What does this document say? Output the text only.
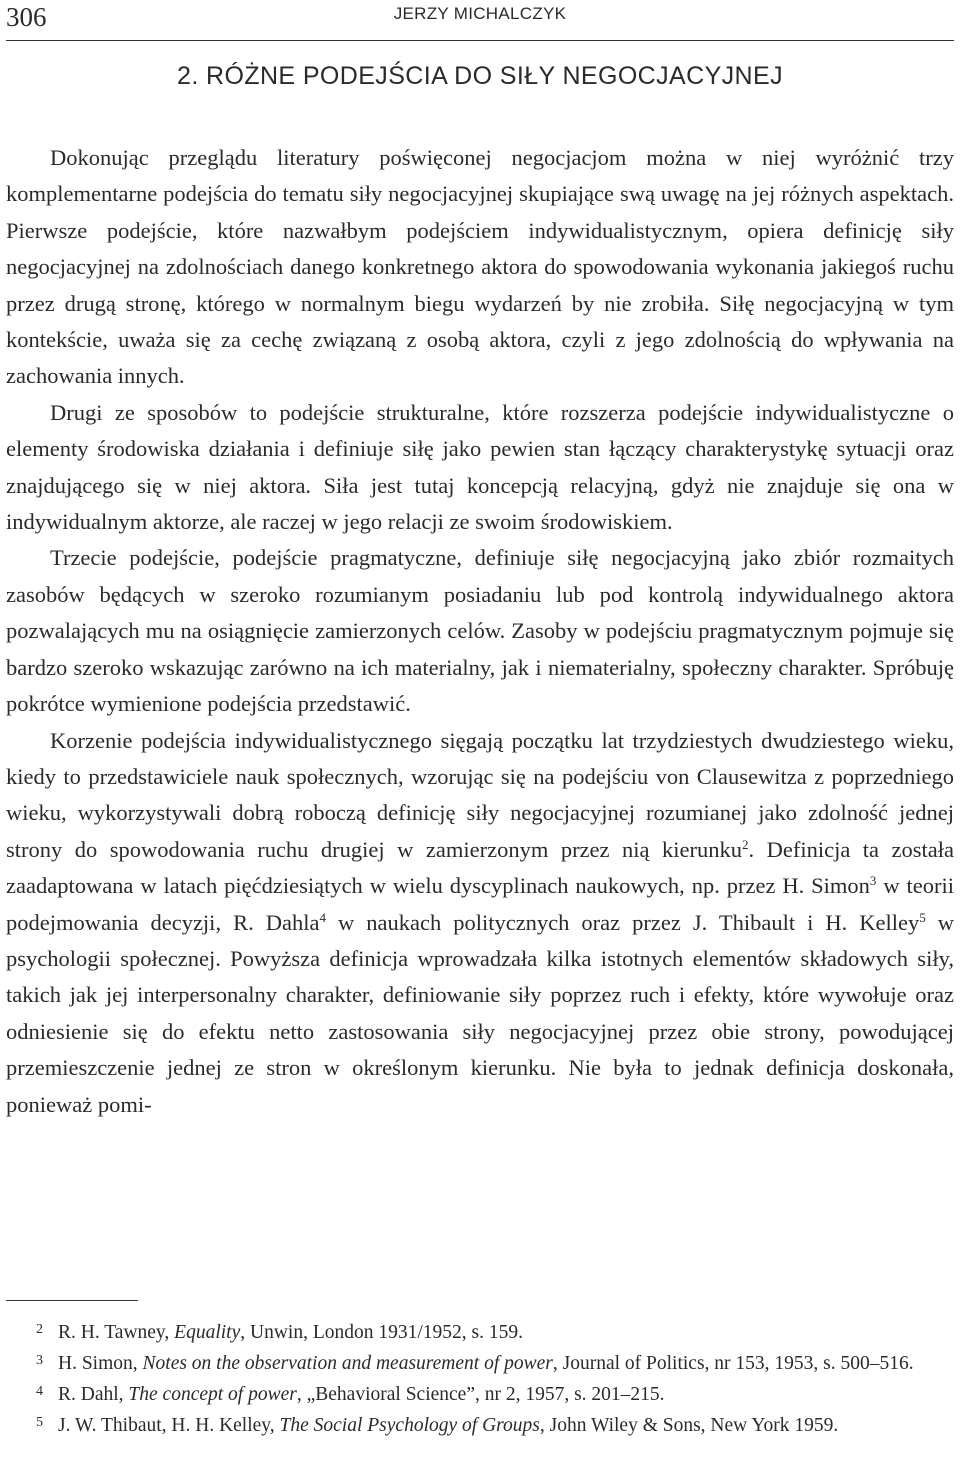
306	JERZY MICHALCZYK
2. RÓŻNE PODEJŚCIA DO SIŁY NEGOCJACYJNEJ

Dokonując przeglądu literatury poświęconej negocjacjom można w niej wyróżnić trzy komplementarne podejścia do tematu siły negocjacyjnej skupiające swą uwagę na jej różnych aspektach. Pierwsze podejście, które nazwałbym podejściem indywidualistycznym, opiera definicję siły negocjacyjnej na zdolnościach danego konkretnego aktora do spowodowania wykonania jakiegoś ruchu przez drugą stronę, którego w normalnym biegu wydarzeń by nie zrobiła. Siłę negocjacyjną w tym kontekście, uważa się za cechę związaną z osobą aktora, czyli z jego zdolnością do wpływania na zachowania innych.

Drugi ze sposobów to podejście strukturalne, które rozszerza podejście indywidualistyczne o elementy środowiska działania i definiuje siłę jako pewien stan łączący charakterystykę sytuacji oraz znajdującego się w niej aktora. Siła jest tutaj koncepcją relacyjną, gdyż nie znajduje się ona w indywidualnym aktorze, ale raczej w jego relacji ze swoim środowiskiem.

Trzecie podejście, podejście pragmatyczne, definiuje siłę negocjacyjną jako zbiór rozmaitych zasobów będących w szeroko rozumianym posiadaniu lub pod kontrolą indywidualnego aktora pozwalających mu na osiągnięcie zamierzonych celów. Zasoby w podejściu pragmatycznym pojmuje się bardzo szeroko wskazując zarówno na ich materialny, jak i niematerialny, społeczny charakter. Spróbuję pokrótce wymienione podejścia przedstawić.

Korzenie podejścia indywidualistycznego sięgają początku lat trzydziestych dwudziestego wieku, kiedy to przedstawiciele nauk społecznych, wzorując się na podejściu von Clausewitza z poprzedniego wieku, wykorzystywali dobrą roboczą definicję siły negocjacyjnej rozumianej jako zdolność jednej strony do spowodowania ruchu drugiej w zamierzonym przez nią kierunku$^2$. Definicja ta została zaadaptowana w latach pięćdziesiątych w wielu dyscyplinach naukowych, np. przez H. Simon$^3$ w teorii podejmowania decyzji, R. Dahla$^4$ w naukach politycznych oraz przez J. Thibault i H. Kelley$^5$ w psychologii społecznej. Powyższa definicja wprowadzała kilka istotnych elementów składowych siły, takich jak jej interpersonalny charakter, definiowanie siły poprzez ruch i efekty, które wywołuje oraz odniesienie się do efektu netto zastosowania siły negocjacyjnej przez obie strony, powodującej przemieszczenie jednej ze stron w określonym kierunku. Nie była to jednak definicja doskonała, ponieważ pomi-

2 R. H. Tawney, Equality, Unwin, London 1931/1952, s. 159.

3 H. Simon, Notes on the observation and measurement of power, Journal of Politics, nr 153, 1953, s. 500–516.

4 R. Dahl, The concept of power, „Behavioral Science”, nr 2, 1957, s. 201–215.

5 J. W. Thibaut, H. H. Kelley, The Social Psychology of Groups, John Wiley & Sons, New York 1959.
